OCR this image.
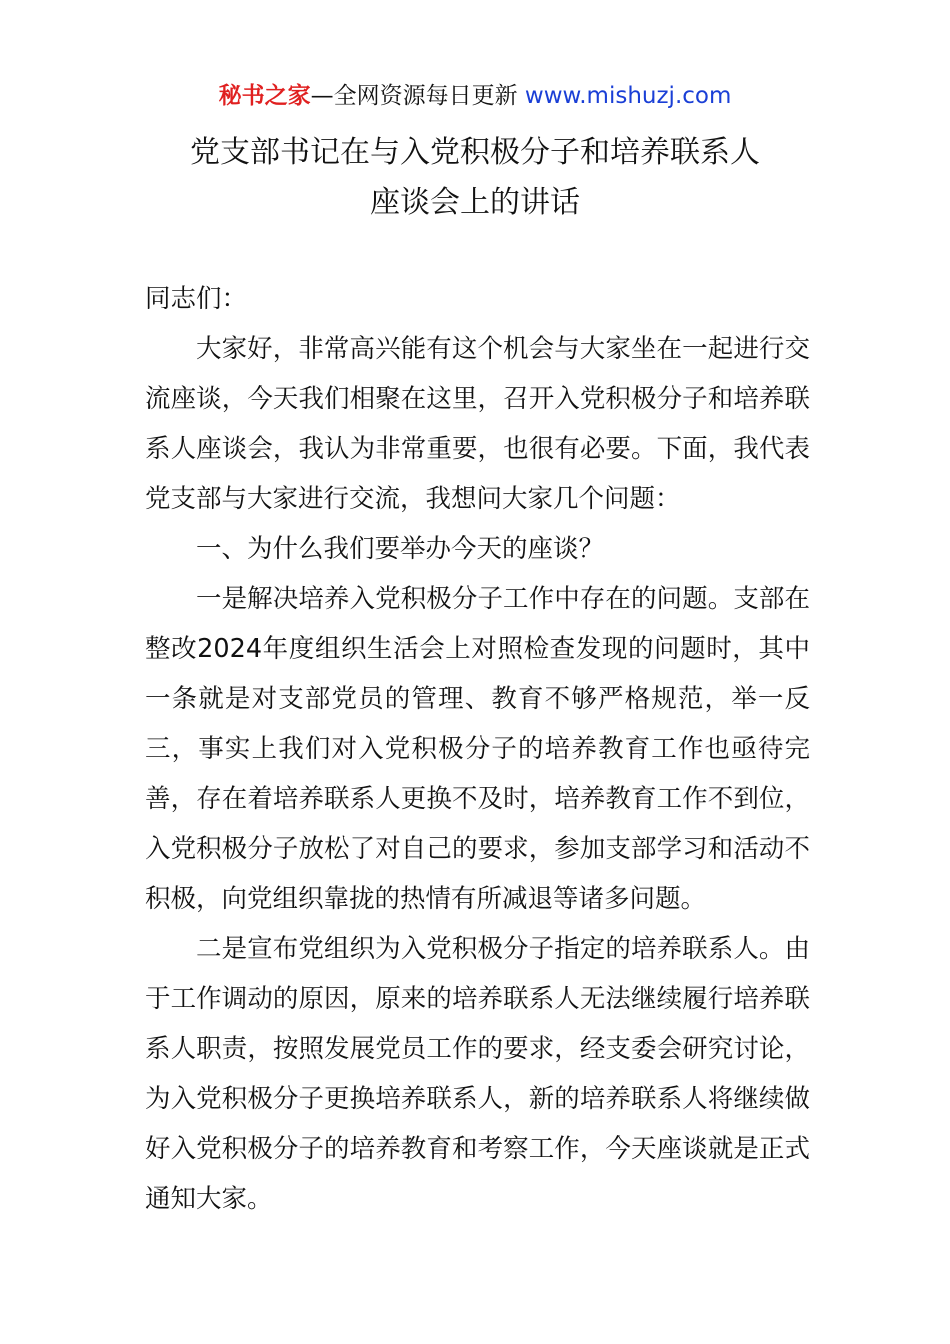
秘书之家—全网资源每日更新 www.mishuzj.com
党支部书记在与入党积极分子和培养联系人
座谈会上的讲话

同志们：

大家好，非常高兴能有这个机会与大家坐在一起进行交流座谈，今天我们相聚在这里，召开入党积极分子和培养联系人座谈会，我认为非常重要，也很有必要。下面，我代表党支部与大家进行交流，我想问大家几个问题：

一、为什么我们要举办今天的座谈？

一是解决培养入党积极分子工作中存在的问题。支部在整改2024年度组织生活会上对照检查发现的问题时，其中一条就是对支部党员的管理、教育不够严格规范，举一反三，事实上我们对入党积极分子的培养教育工作也亟待完善，存在着培养联系人更换不及时，培养教育工作不到位，入党积极分子放松了对自己的要求，参加支部学习和活动不积极，向党组织靠拢的热情有所减退等诸多问题。

二是宣布党组织为入党积极分子指定的培养联系人。由于工作调动的原因，原来的培养联系人无法继续履行培养联系人职责，按照发展党员工作的要求，经支委会研究讨论，为入党积极分子更换培养联系人，新的培养联系人将继续做好入党积极分子的培养教育和考察工作，今天座谈就是正式通知大家。
